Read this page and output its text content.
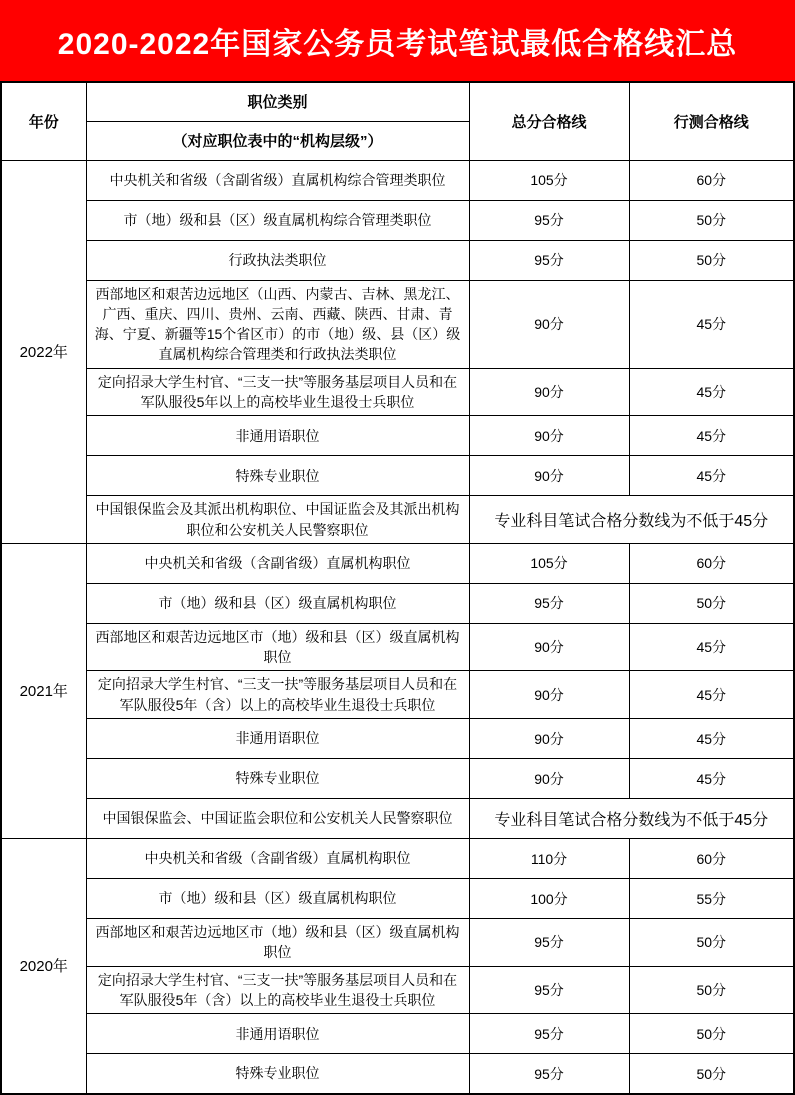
2020-2022年国家公务员考试笔试最低合格线汇总
年份	职位类别	总分合格线	行测合格线
	（对应职位表中的“机构层级”）		
2022年	中央机关和省级（含副省级）直属机构综合管理类职位	105分	60分
	市（地）级和县（区）级直属机构综合管理类职位	95分	50分
	行政执法类职位	95分	50分
	西部地区和艰苦边远地区（山西、内蒙古、吉林、黑龙江、广西、重庆、四川、贵州、云南、西藏、陕西、甘肃、青海、宁夏、新疆等15个省区市）的市（地）级、县（区）级直属机构综合管理类和行政执法类职位	90分	45分
	定向招录大学生村官、“三支一扶”等服务基层项目人员和在军队服役5年以上的高校毕业生退役士兵职位	90分	45分
	非通用语职位	90分	45分
	特殊专业职位	90分	45分
	中国银保监会及其派出机构职位、中国证监会及其派出机构职位和公安机关人民警察职位	专业科目笔试合格分数线为不低于45分	
2021年	中央机关和省级（含副省级）直属机构职位	105分	60分
	市（地）级和县（区）级直属机构职位	95分	50分
	西部地区和艰苦边远地区市（地）级和县（区）级直属机构职位	90分	45分
	定向招录大学生村官、“三支一扶”等服务基层项目人员和在军队服役5年（含）以上的高校毕业生退役士兵职位	90分	45分
	非通用语职位	90分	45分
	特殊专业职位	90分	45分
	中国银保监会、中国证监会职位和公安机关人民警察职位	专业科目笔试合格分数线为不低于45分	
2020年	中央机关和省级（含副省级）直属机构职位	110分	60分
	市（地）级和县（区）级直属机构职位	100分	55分
	西部地区和艰苦边远地区市（地）级和县（区）级直属机构职位	95分	50分
	定向招录大学生村官、“三支一扶”等服务基层项目人员和在军队服役5年（含）以上的高校毕业生退役士兵职位	95分	50分
	非通用语职位	95分	50分
	特殊专业职位	95分	50分
